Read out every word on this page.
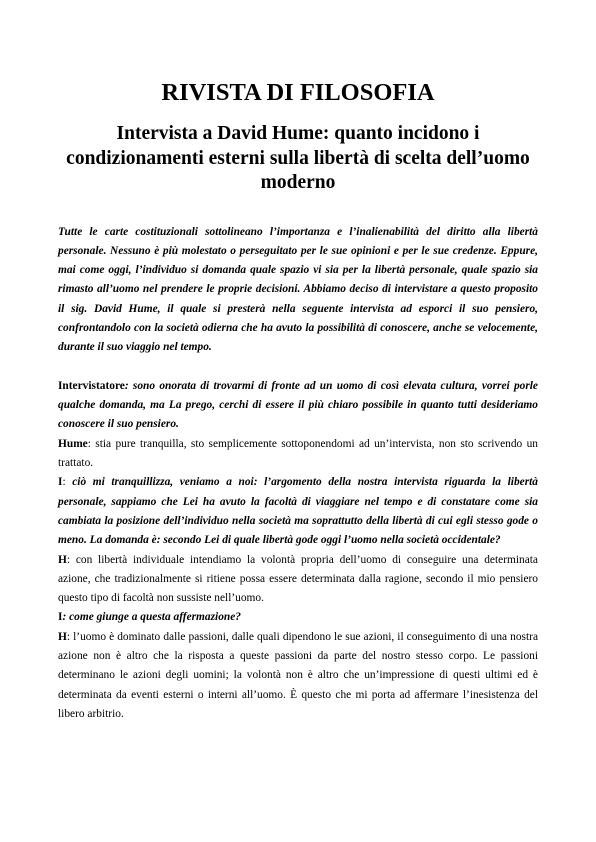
RIVISTA DI FILOSOFIA
Intervista a David Hume: quanto incidono i condizionamenti esterni sulla libertà di scelta dell’uomo moderno

Tutte le carte costituzionali sottolineano l’importanza e l’inalienabilità del diritto alla libertà personale. Nessuno è più molestato o perseguitato per le sue opinioni e per le sue credenze. Eppure, mai come oggi, l’individuo si domanda quale spazio vi sia per la libertà personale, quale spazio sia rimasto all’uomo nel prendere le proprie decisioni. Abbiamo deciso di intervistare a questo proposito il sig. David Hume, il quale si presterà nella seguente intervista ad esporci il suo pensiero, confrontandolo con la società odierna che ha avuto la possibilità di conoscere, anche se velocemente, durante il suo viaggio nel tempo.

Intervistatore: sono onorata di trovarmi di fronte ad un uomo di così elevata cultura, vorrei porle qualche domanda, ma La prego, cerchi di essere il più chiaro possibile in quanto tutti desideriamo conoscere il suo pensiero.

Hume: stia pure tranquilla, sto semplicemente sottoponendomi ad un’intervista, non sto scrivendo un trattato.

I: ciò mi tranquillizza, veniamo a noi: l’argomento della nostra intervista riguarda la libertà personale, sappiamo che Lei ha avuto la facoltà di viaggiare nel tempo e di constatare come sia cambiata la posizione dell’individuo nella società ma soprattutto della libertà di cui egli stesso gode o meno. La domanda è: secondo Lei di quale libertà gode oggi l’uomo nella società occidentale?

H: con libertà individuale intendiamo la volontà propria dell’uomo di conseguire una determinata azione, che tradizionalmente si ritiene possa essere determinata dalla ragione, secondo il mio pensiero questo tipo di facoltà non sussiste nell’uomo.

I: come giunge a questa affermazione?

H: l’uomo è dominato dalle passioni, dalle quali dipendono le sue azioni, il conseguimento di una nostra azione non è altro che la risposta a queste passioni da parte del nostro stesso corpo. Le passioni determinano le azioni degli uomini; la volontà non è altro che un’impressione di questi ultimi ed è determinata da eventi esterni o interni all’uomo. È questo che mi porta ad affermare l’inesistenza del libero arbitrio.
